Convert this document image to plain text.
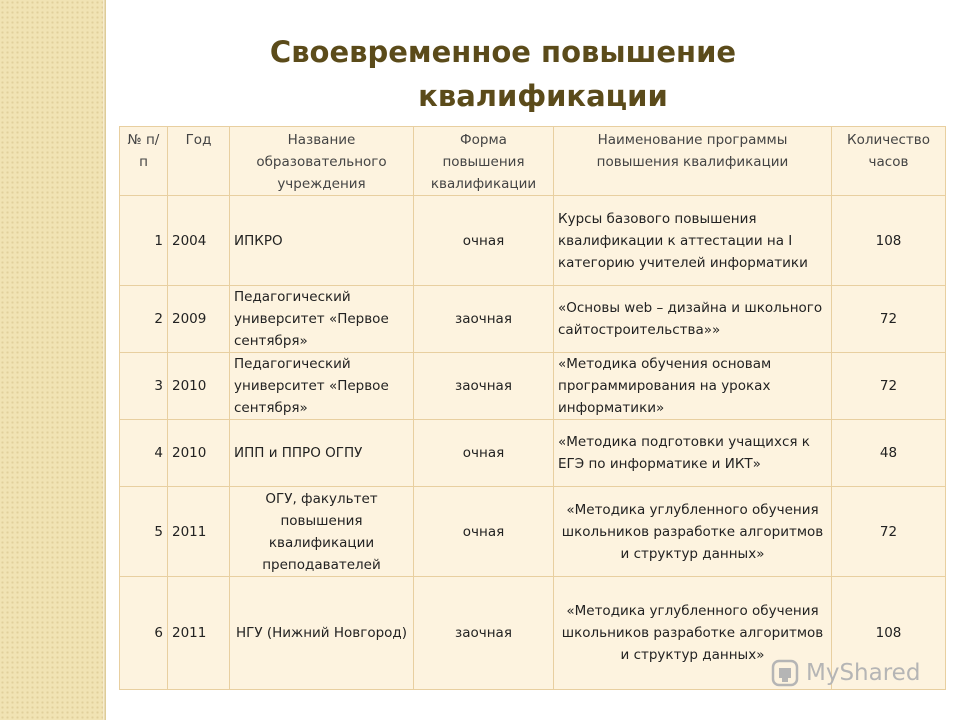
Своевременное повышение
квалификации
№ п/п	Год	Название образовательного учреждения	Форма повышения квалификации	Наименование программы повышения квалификации	Количество часов
1	2004	ИПКРО	очная	Курсы базового повышения квалификации к аттестации на I категорию учителей информатики	108
2	2009	Педагогический университет «Первое сентября»	заочная	«Основы web – дизайна и школьного сайтостроительства»»	72
3	2010	Педагогический университет «Первое сентября»	заочная	«Методика обучения основам программирования на уроках информатики»	72
4	2010	ИПП и ППРО ОГПУ	очная	«Методика подготовки учащихся к ЕГЭ по информатике и ИКТ»	48
5	2011	ОГУ, факультет повышения квалификации преподавателей	очная	«Методика углубленного обучения школьников разработке алгоритмов и структур данных»	72
6	2011	НГУ (Нижний Новгород)	заочная	«Методика углубленного обучения школьников разработке алгоритмов и структур данных»	108
MyShared
